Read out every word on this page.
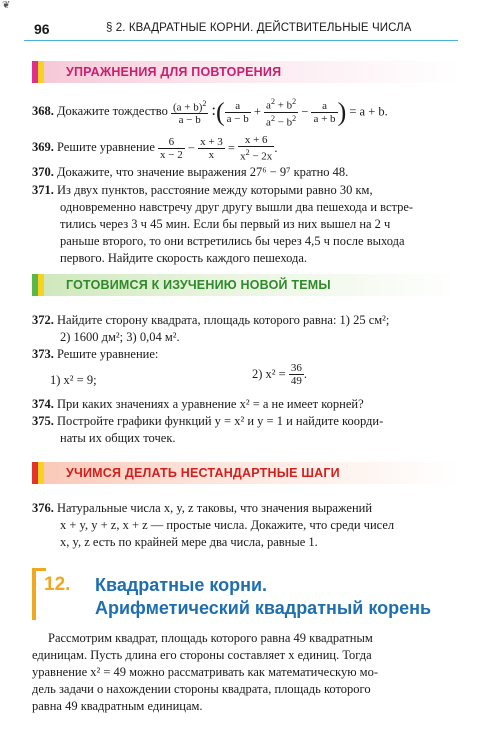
❦
96	§ 2. КВАДРАТНЫЕ КОРНИ. ДЕЙСТВИТЕЛЬНЫЕ ЧИСЛА
УПРАЖНЕНИЯ ДЛЯ ПОВТОРЕНИЯ
368. Докажите тождество $\frac{(a + b)^2}{a - b}$ :( $\frac{a}{a - b} + \frac{a^2 + b^2}{a^2 - b^2} - \frac{a}{a + b}$ ) = a + b.
369. Решите уравнение $\frac{6}{x - 2} - \frac{x + 3}{x} = \frac{x + 6}{x^2 - 2x}$ .
370. Докажите, что значение выражения 27⁶ − 9⁷ кратно 48.
371. Из двух пунктов, расстояние между которыми равно 30 км,
одновременно навстречу друг другу вышли два пешехода и встре-
тились через 3 ч 45 мин. Если бы первый из них вышел на 2 ч
раньше второго, то они встретились бы через 4,5 ч после выхода
первого. Найдите скорость каждого пешехода.
ГОТОВИМСЯ К ИЗУЧЕНИЮ НОВОЙ ТЕМЫ
372. Найдите сторону квадрата, площадь которого равна: 1) 25 см²;
2) 1600 дм²; 3) 0,04 м².
373. Решите уравнение:
1) x² = 9;	2) $x^2 = \frac{36}{49}$ .
374. При каких значениях a уравнение x² = a не имеет корней?
375. Постройте графики функций y = x² и y = 1 и найдите коорди-
наты их общих точек.
УЧИМСЯ ДЕЛАТЬ НЕСТАНДАРТНЫЕ ШАГИ
376. Натуральные числа x, y, z таковы, что значения выражений
x + y, y + z, x + z — простые числа. Докажите, что среди чисел
x, y, z есть по крайней мере два числа, равные 1.
12. Квадратные корни.
Арифметический квадратный корень
Рассмотрим квадрат, площадь которого равна 49 квадратным
единицам. Пусть длина его стороны составляет x единиц. Тогда
уравнение x² = 49 можно рассматривать как математическую мо-
дель задачи о нахождении стороны квадрата, площадь которого
равна 49 квадратным единицам.
